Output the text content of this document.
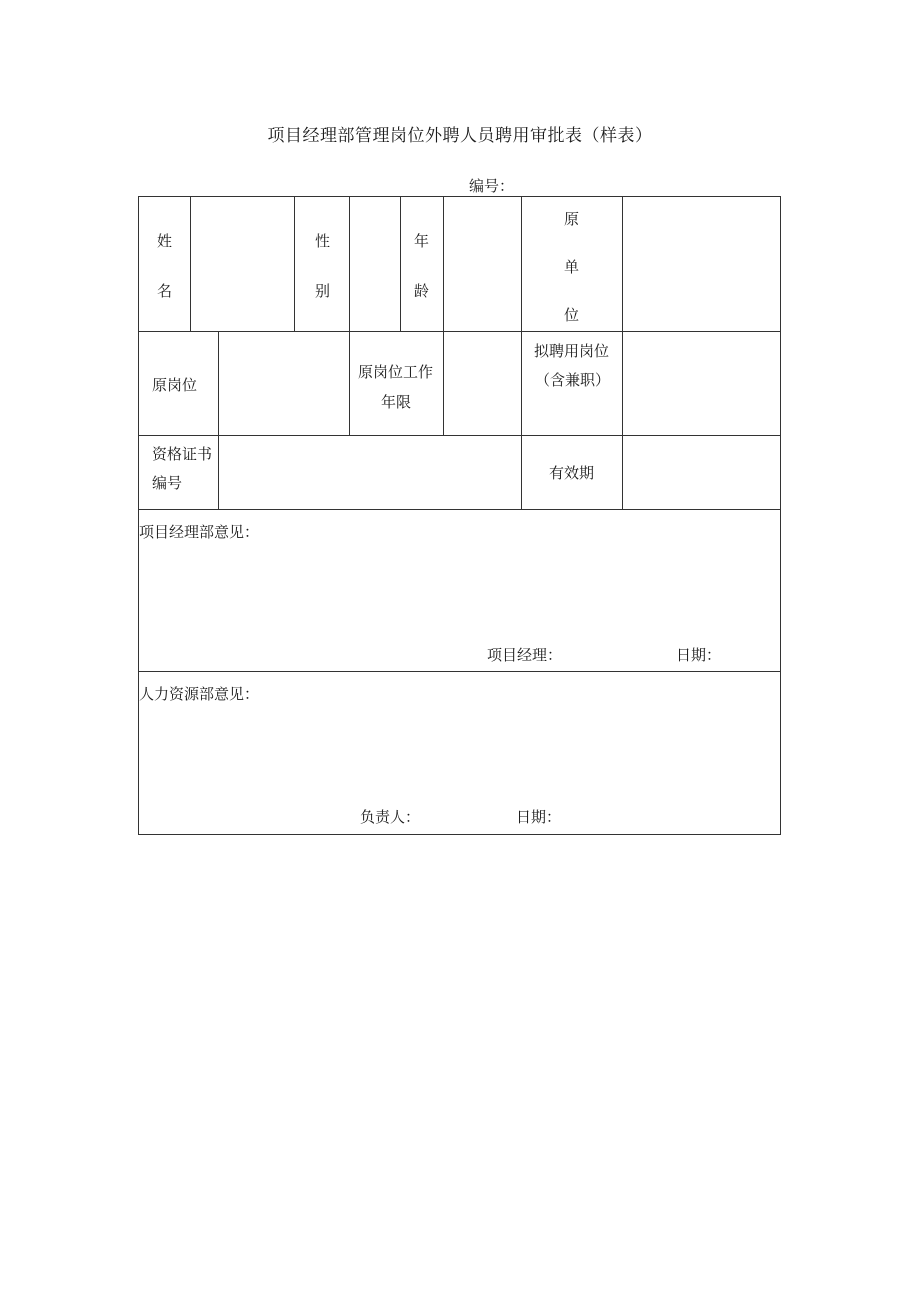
项目经理部管理岗位外聘人员聘用审批表（样表）
编号：
姓
名
性
别
年
龄
原
单
位
原岗位
原岗位工作
年限
拟聘用岗位
（含兼职）
资格证书
编号
有效期
项目经理部意见：
项目经理：	日期：
人力资源部意见：
负责人：	日期：
